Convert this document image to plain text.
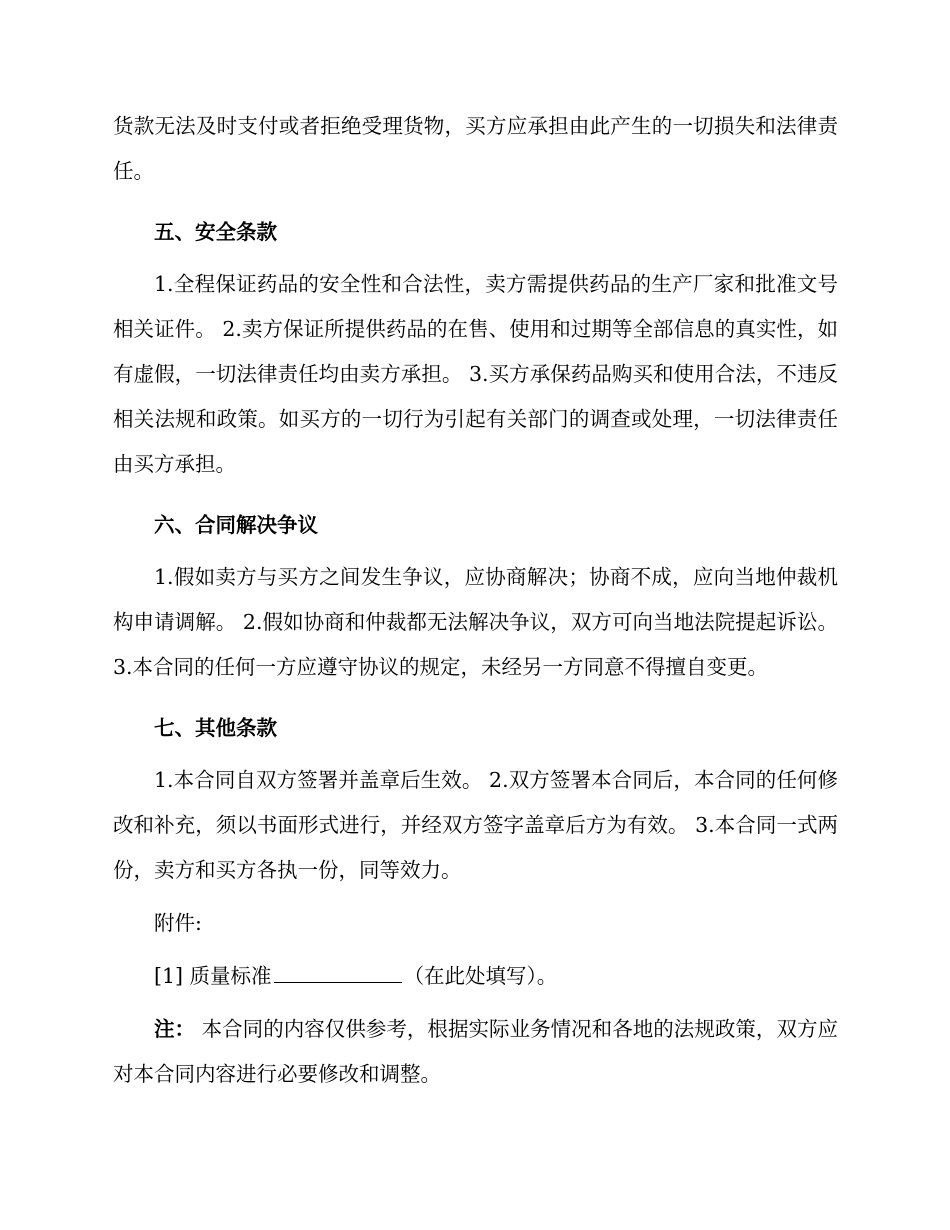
货款无法及时支付或者拒绝受理货物，买方应承担由此产生的一切损失和法律责任。

五、安全条款

1.全程保证药品的安全性和合法性，卖方需提供药品的生产厂家和批准文号相关证件。 2.卖方保证所提供药品的在售、使用和过期等全部信息的真实性，如有虚假，一切法律责任均由卖方承担。 3.买方承保药品购买和使用合法，不违反相关法规和政策。如买方的一切行为引起有关部门的调查或处理，一切法律责任由买方承担。

六、合同解决争议

1.假如卖方与买方之间发生争议，应协商解决；协商不成，应向当地仲裁机构申请调解。 2.假如协商和仲裁都无法解决争议，双方可向当地法院提起诉讼。 3.本合同的任何一方应遵守协议的规定，未经另一方同意不得擅自变更。

七、其他条款

1.本合同自双方签署并盖章后生效。 2.双方签署本合同后，本合同的任何修改和补充，须以书面形式进行，并经双方签字盖章后方为有效。 3.本合同一式两份，卖方和买方各执一份，同等效力。

附件:

[1] 质量标准	（在此处填写）。

注： 本合同的内容仅供参考，根据实际业务情况和各地的法规政策，双方应对本合同内容进行必要修改和调整。
